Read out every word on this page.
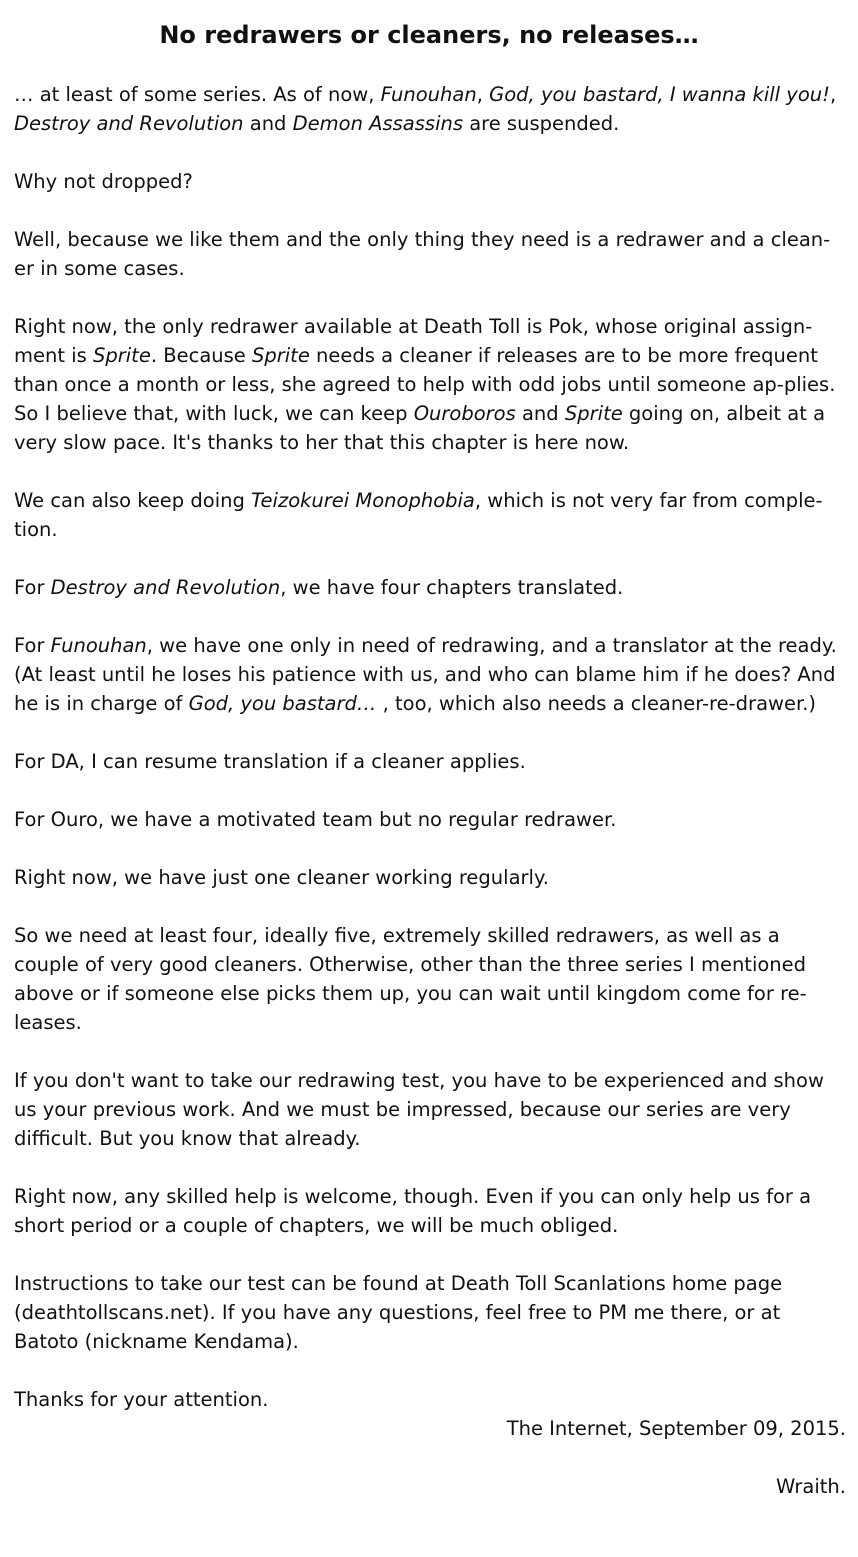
No redrawers or cleaners, no releases…

… at least of some series. As of now, Funouhan, God, you bastard, I wanna kill you!, Destroy and Revolution and Demon Assassins are suspended.

Why not dropped?

Well, because we like them and the only thing they need is a redrawer and a clean-er in some cases.

Right now, the only redrawer available at Death Toll is Pok, whose original assign-ment is Sprite. Because Sprite needs a cleaner if releases are to be more frequent than once a month or less, she agreed to help with odd jobs until someone ap-plies. So I believe that, with luck, we can keep Ouroboros and Sprite going on, albeit at a very slow pace. It's thanks to her that this chapter is here now.

We can also keep doing Teizokurei Monophobia, which is not very far from comple-tion.

For Destroy and Revolution, we have four chapters translated.

For Funouhan, we have one only in need of redrawing, and a translator at the ready. (At least until he loses his patience with us, and who can blame him if he does? And he is in charge of God, you bastard… , too, which also needs a cleaner-re-drawer.)

For DA, I can resume translation if a cleaner applies.

For Ouro, we have a motivated team but no regular redrawer.

Right now, we have just one cleaner working regularly.

So we need at least four, ideally five, extremely skilled redrawers, as well as a couple of very good cleaners. Otherwise, other than the three series I mentioned above or if someone else picks them up, you can wait until kingdom come for re-leases.

If you don't want to take our redrawing test, you have to be experienced and show us your previous work. And we must be impressed, because our series are very difficult. But you know that already.

Right now, any skilled help is welcome, though. Even if you can only help us for a short period or a couple of chapters, we will be much obliged.

Instructions to take our test can be found at Death Toll Scanlations home page (deathtollscans.net). If you have any questions, feel free to PM me there, or at Batoto (nickname Kendama).

Thanks for your attention.

The Internet, September 09, 2015.

Wraith.
